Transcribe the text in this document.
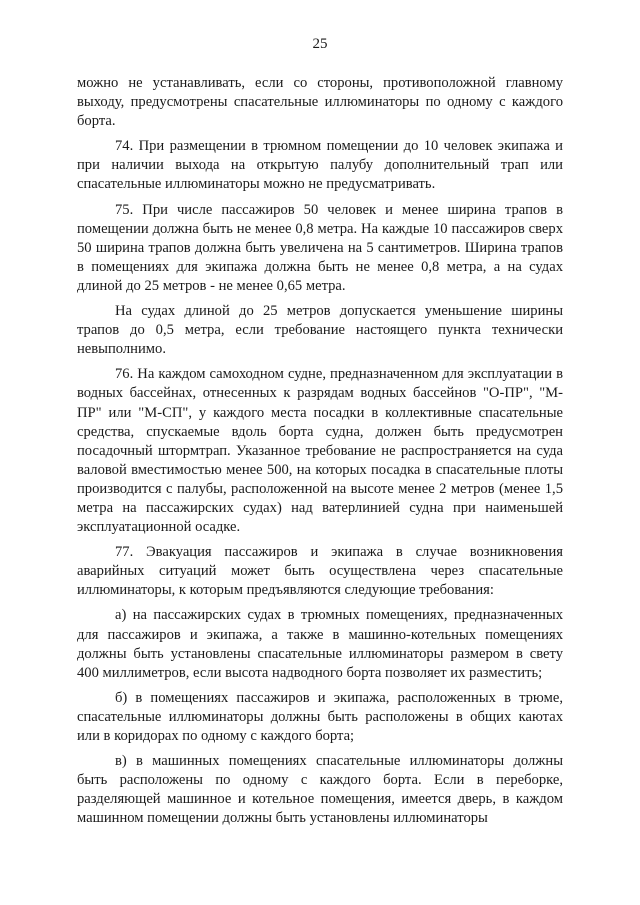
25

можно не устанавливать, если со стороны, противоположной главному выходу, предусмотрены спасательные иллюминаторы по одному с каждого борта.

74. При размещении в трюмном помещении до 10 человек экипажа и при наличии выхода на открытую палубу дополнительный трап или спасательные иллюминаторы можно не предусматривать.

75. При числе пассажиров 50 человек и менее ширина трапов в помещении должна быть не менее 0,8 метра. На каждые 10 пассажиров сверх 50 ширина трапов должна быть увеличена на 5 сантиметров. Ширина трапов в помещениях для экипажа должна быть не менее 0,8 метра, а на судах длиной до 25 метров - не менее 0,65 метра.

На судах длиной до 25 метров допускается уменьшение ширины трапов до 0,5 метра, если требование настоящего пункта технически невыполнимо.

76. На каждом самоходном судне, предназначенном для эксплуатации в водных бассейнах, отнесенных к разрядам водных бассейнов "О-ПР", "М-ПР" или "М-СП", у каждого места посадки в коллективные спасательные средства, спускаемые вдоль борта судна, должен быть предусмотрен посадочный штормтрап. Указанное требование не распространяется на суда валовой вместимостью менее 500, на которых посадка в спасательные плоты производится с палубы, расположенной на высоте менее 2 метров (менее 1,5 метра на пассажирских судах) над ватерлинией судна при наименьшей эксплуатационной осадке.

77. Эвакуация пассажиров и экипажа в случае возникновения аварийных ситуаций может быть осуществлена через спасательные иллюминаторы, к которым предъявляются следующие требования:

а) на пассажирских судах в трюмных помещениях, предназначенных для пассажиров и экипажа, а также в машинно-котельных помещениях должны быть установлены спасательные иллюминаторы размером в свету 400 миллиметров, если высота надводного борта позволяет их разместить;

б) в помещениях пассажиров и экипажа, расположенных в трюме, спасательные иллюминаторы должны быть расположены в общих каютах или в коридорах по одному с каждого борта;

в) в машинных помещениях спасательные иллюминаторы должны быть расположены по одному с каждого борта. Если в переборке, разделяющей машинное и котельное помещения, имеется дверь, в каждом машинном помещении должны быть установлены иллюминаторы
